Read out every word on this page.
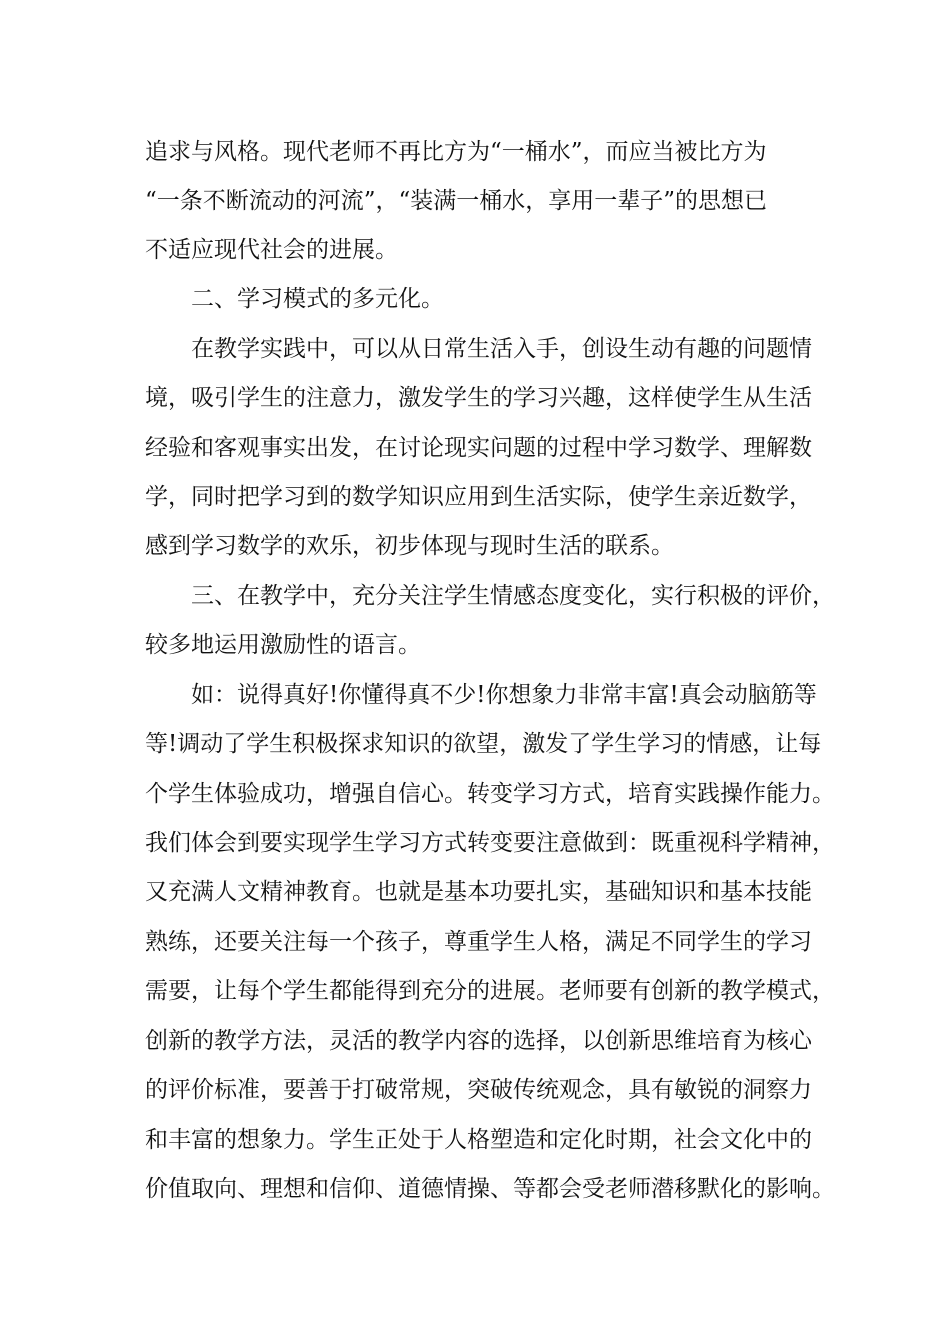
追求与风格。现代老师不再比方为“一桶水”，而应当被比方为
“一条不断流动的河流”，“装满一桶水，享用一辈子”的思想已
不适应现代社会的进展。
二、学习模式的多元化。
在教学实践中，可以从日常生活入手，创设生动有趣的问题情
境，吸引学生的注意力，激发学生的学习兴趣，这样使学生从生活
经验和客观事实出发，在讨论现实问题的过程中学习数学、理解数
学，同时把学习到的数学知识应用到生活实际，使学生亲近数学，
感到学习数学的欢乐，初步体现与现时生活的联系。
三、在教学中，充分关注学生情感态度变化，实行积极的评价，
较多地运用激励性的语言。
如：说得真好!你懂得真不少!你想象力非常丰富!真会动脑筋等
等!调动了学生积极探求知识的欲望，激发了学生学习的情感，让每
个学生体验成功，增强自信心。转变学习方式，培育实践操作能力。
我们体会到要实现学生学习方式转变要注意做到：既重视科学精神，
又充满人文精神教育。也就是基本功要扎实，基础知识和基本技能
熟练，还要关注每一个孩子，尊重学生人格，满足不同学生的学习
需要，让每个学生都能得到充分的进展。老师要有创新的教学模式，
创新的教学方法，灵活的教学内容的选择，以创新思维培育为核心
的评价标准，要善于打破常规，突破传统观念，具有敏锐的洞察力
和丰富的想象力。学生正处于人格塑造和定化时期，社会文化中的
价值取向、理想和信仰、道德情操、等都会受老师潜移默化的影响。
